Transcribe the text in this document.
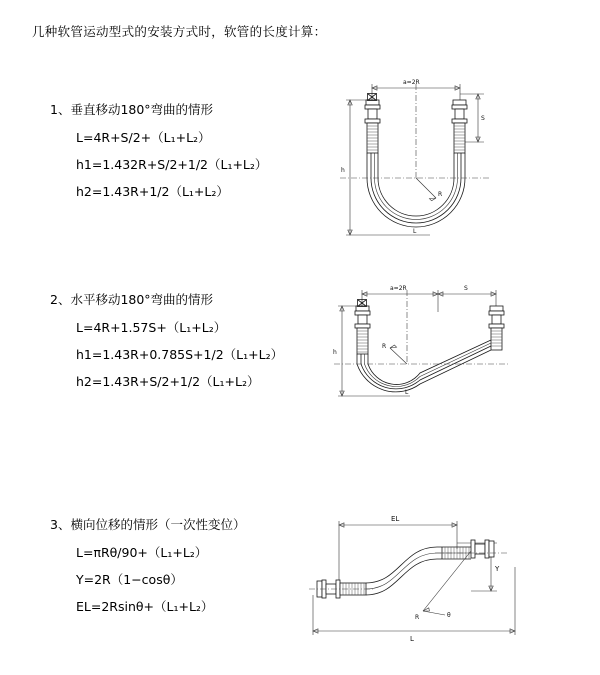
几种软管运动型式的安装方式时，软管的长度计算：
1、垂直移动180°弯曲的情形
L=4R+S/2+（L₁+L₂）
h1=1.432R+S/2+1/2（L₁+L₂）
h2=1.43R+1/2（L₁+L₂）
a=2R
S
h
R
L
2、水平移动180°弯曲的情形
L=4R+1.57S+（L₁+L₂）
h1=1.43R+0.785S+1/2（L₁+L₂）
h2=1.43R+S/2+1/2（L₁+L₂）
a=2R	S
h
R
L
3、横向位移的情形（一次性变位）
L=πRθ/90+（L₁+L₂）
Y=2R（1−cosθ）
EL=2Rsinθ+（L₁+L₂）
EL
Y
L
θ
R
